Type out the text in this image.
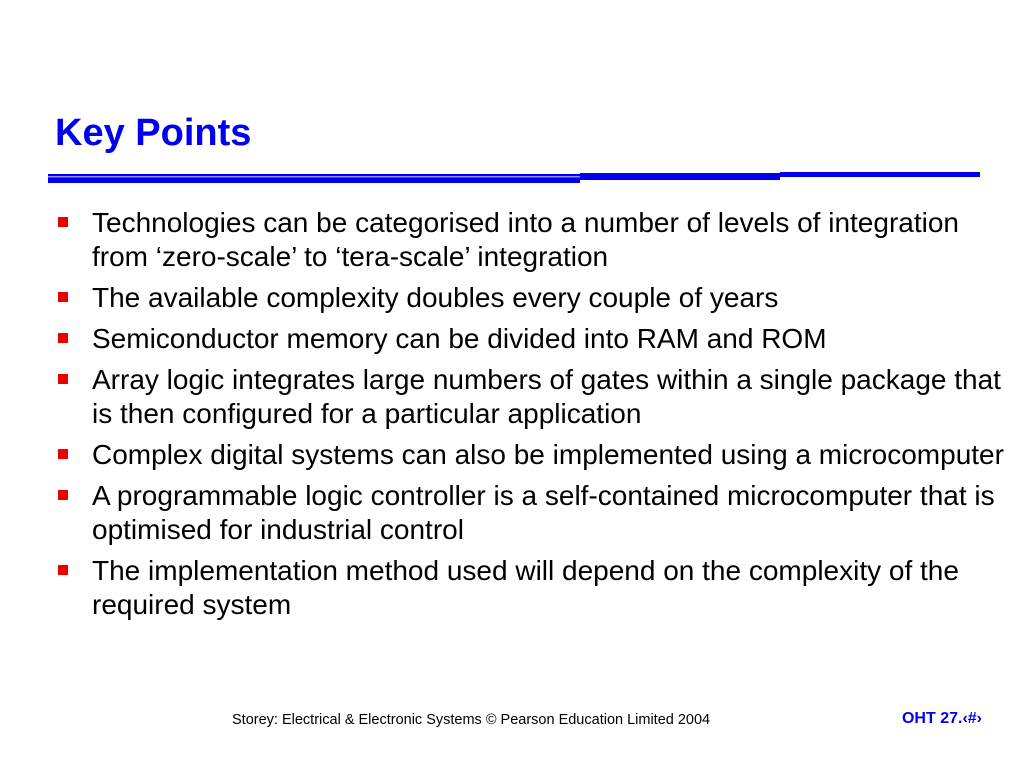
Key Points
Technologies can be categorised into a number of levels of integration from ‘zero-scale’ to ‘tera-scale’ integration
The available complexity doubles every couple of years
Semiconductor memory can be divided into RAM and ROM
Array logic integrates large numbers of gates within a single package that is then configured for a particular application
Complex digital systems can also be implemented using a microcomputer
A programmable logic controller is a self-contained microcomputer that is optimised for industrial control
The implementation method used will depend on the complexity of the required system
Storey: Electrical & Electronic Systems © Pearson Education Limited 2004	OHT 27.‹#›
